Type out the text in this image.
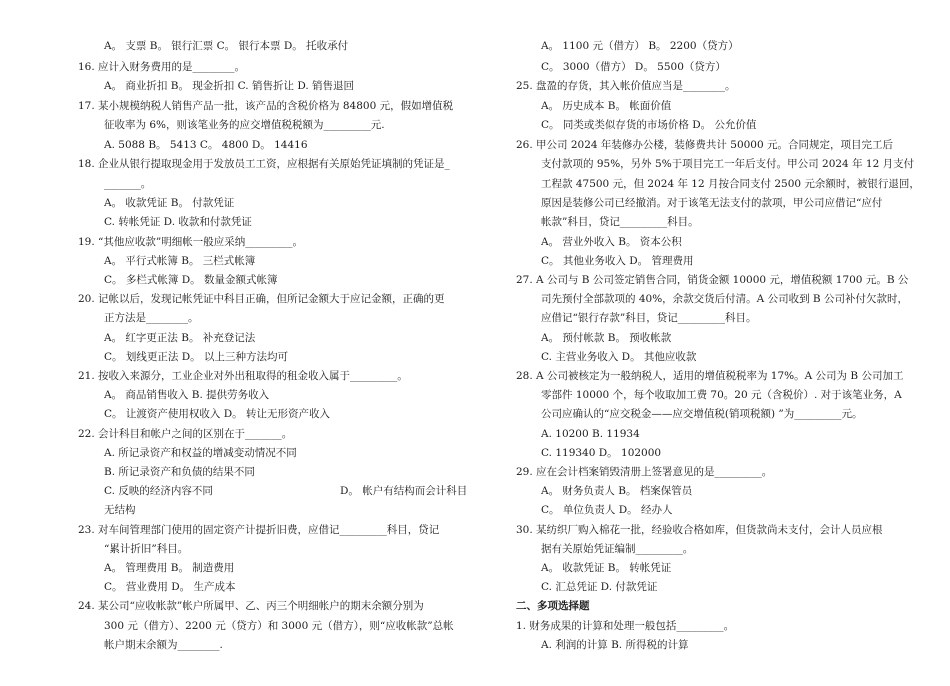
A。 支票 B。 银行汇票 C。 银行本票 D。 托收承付
16. 应计入财务费用的是________。
A。 商业折扣 B。 现金折扣 C. 销售折让 D. 销售退回
17. 某小规模纳税人销售产品一批，该产品的含税价格为 84800 元，假如增值税
征收率为 6%，则该笔业务的应交增值税税额为_________元.
A. 5088 B。 5413 C。 4800 D。 14416
18. 企业从银行提取现金用于发放员工工资，应根据有关原始凭证填制的凭证是_
_______。
A。 收款凭证 B。 付款凭证
C. 转帐凭证 D. 收款和付款凭证
19. “其他应收款”明细帐一般应采纳_________。
A。 平行式帐簿 B。 三栏式帐簿
C。 多栏式帐簿 D。 数量金额式帐簿
20. 记帐以后，发现记帐凭证中科目正确，但所记金额大于应记金额，正确的更
正方法是________。
A。 红字更正法 B。 补充登记法
C。 划线更正法 D。 以上三种方法均可
21. 按收入来源分，工业企业对外出租取得的租金收入属于_________。
A。 商品销售收入 B. 提供劳务收入
C。 让渡资产使用权收入 D。 转让无形资产收入
22. 会计科目和帐户之间的区别在于_______。
A. 所记录资产和权益的增减变动情况不同
B. 所记录资产和负债的结果不同
C. 反映的经济内容不同	D。 帐户有结构而会计科目
无结构
23. 对车间管理部门使用的固定资产计提折旧费，应借记_________科目，贷记
“累计折旧”科目。
A。 管理费用 B。 制造费用
C。 营业费用 D。 生产成本
24. 某公司“应收帐款”帐户所属甲、乙、丙三个明细帐户的期末余额分别为
300 元（借方）、2200 元（贷方）和 3000 元（借方），则“应收帐款”总帐
帐户期末余额为________.
A。 1100 元（借方） B。 2200（贷方）
C。 3000（借方） D。 5500（贷方）
25. 盘盈的存货，其入帐价值应当是________。
A。 历史成本 B。 帐面价值
C。 同类或类似存货的市场价格 D。 公允价值
26. 甲公司 2024 年装修办公楼，装修费共计 50000 元。合同规定，项目完工后
支付款项的 95%，另外 5%于项目完工一年后支付。甲公司 2024 年 12 月支付
工程款 47500 元，但 2024 年 12 月按合同支付 2500 元余额时，被银行退回，
原因是装修公司已经撤消。对于该笔无法支付的款项，甲公司应借记“应付
帐款”科目，贷记_________科目。
A。 营业外收入 B。 资本公积
C。 其他业务收入 D。 管理费用
27. A 公司与 B 公司签定销售合同，销货金额 10000 元，增值税额 1700 元。B 公
司先预付全部款项的 40%，余款交货后付清。A 公司收到 B 公司补付欠款时，
应借记“银行存款”科目，贷记_________科目。
A。 预付帐款 B。 预收帐款
C. 主营业务收入 D。 其他应收款
28. A 公司被核定为一般纳税人，适用的增值税税率为 17%。A 公司为 B 公司加工
零部件 10000 个，每个收取加工费 70。20 元（含税价）. 对于该笔业务，A
公司应确认的“应交税金——应交增值税(销项税额) ”为_________元。
A. 10200 B. 11934
C. 119340 D。 102000
29. 应在会计档案销毁清册上签署意见的是_________。
A。 财务负责人 B。 档案保管员
C。 单位负责人 D。 经办人
30. 某纺织厂购入棉花一批，经验收合格如库，但货款尚未支付，会计人员应根
据有关原始凭证编制_________。
A。 收款凭证 B。 转帐凭证
C. 汇总凭证 D. 付款凭证
二、多项选择题
1. 财务成果的计算和处理一般包括_________。
A. 利润的计算 B. 所得税的计算
